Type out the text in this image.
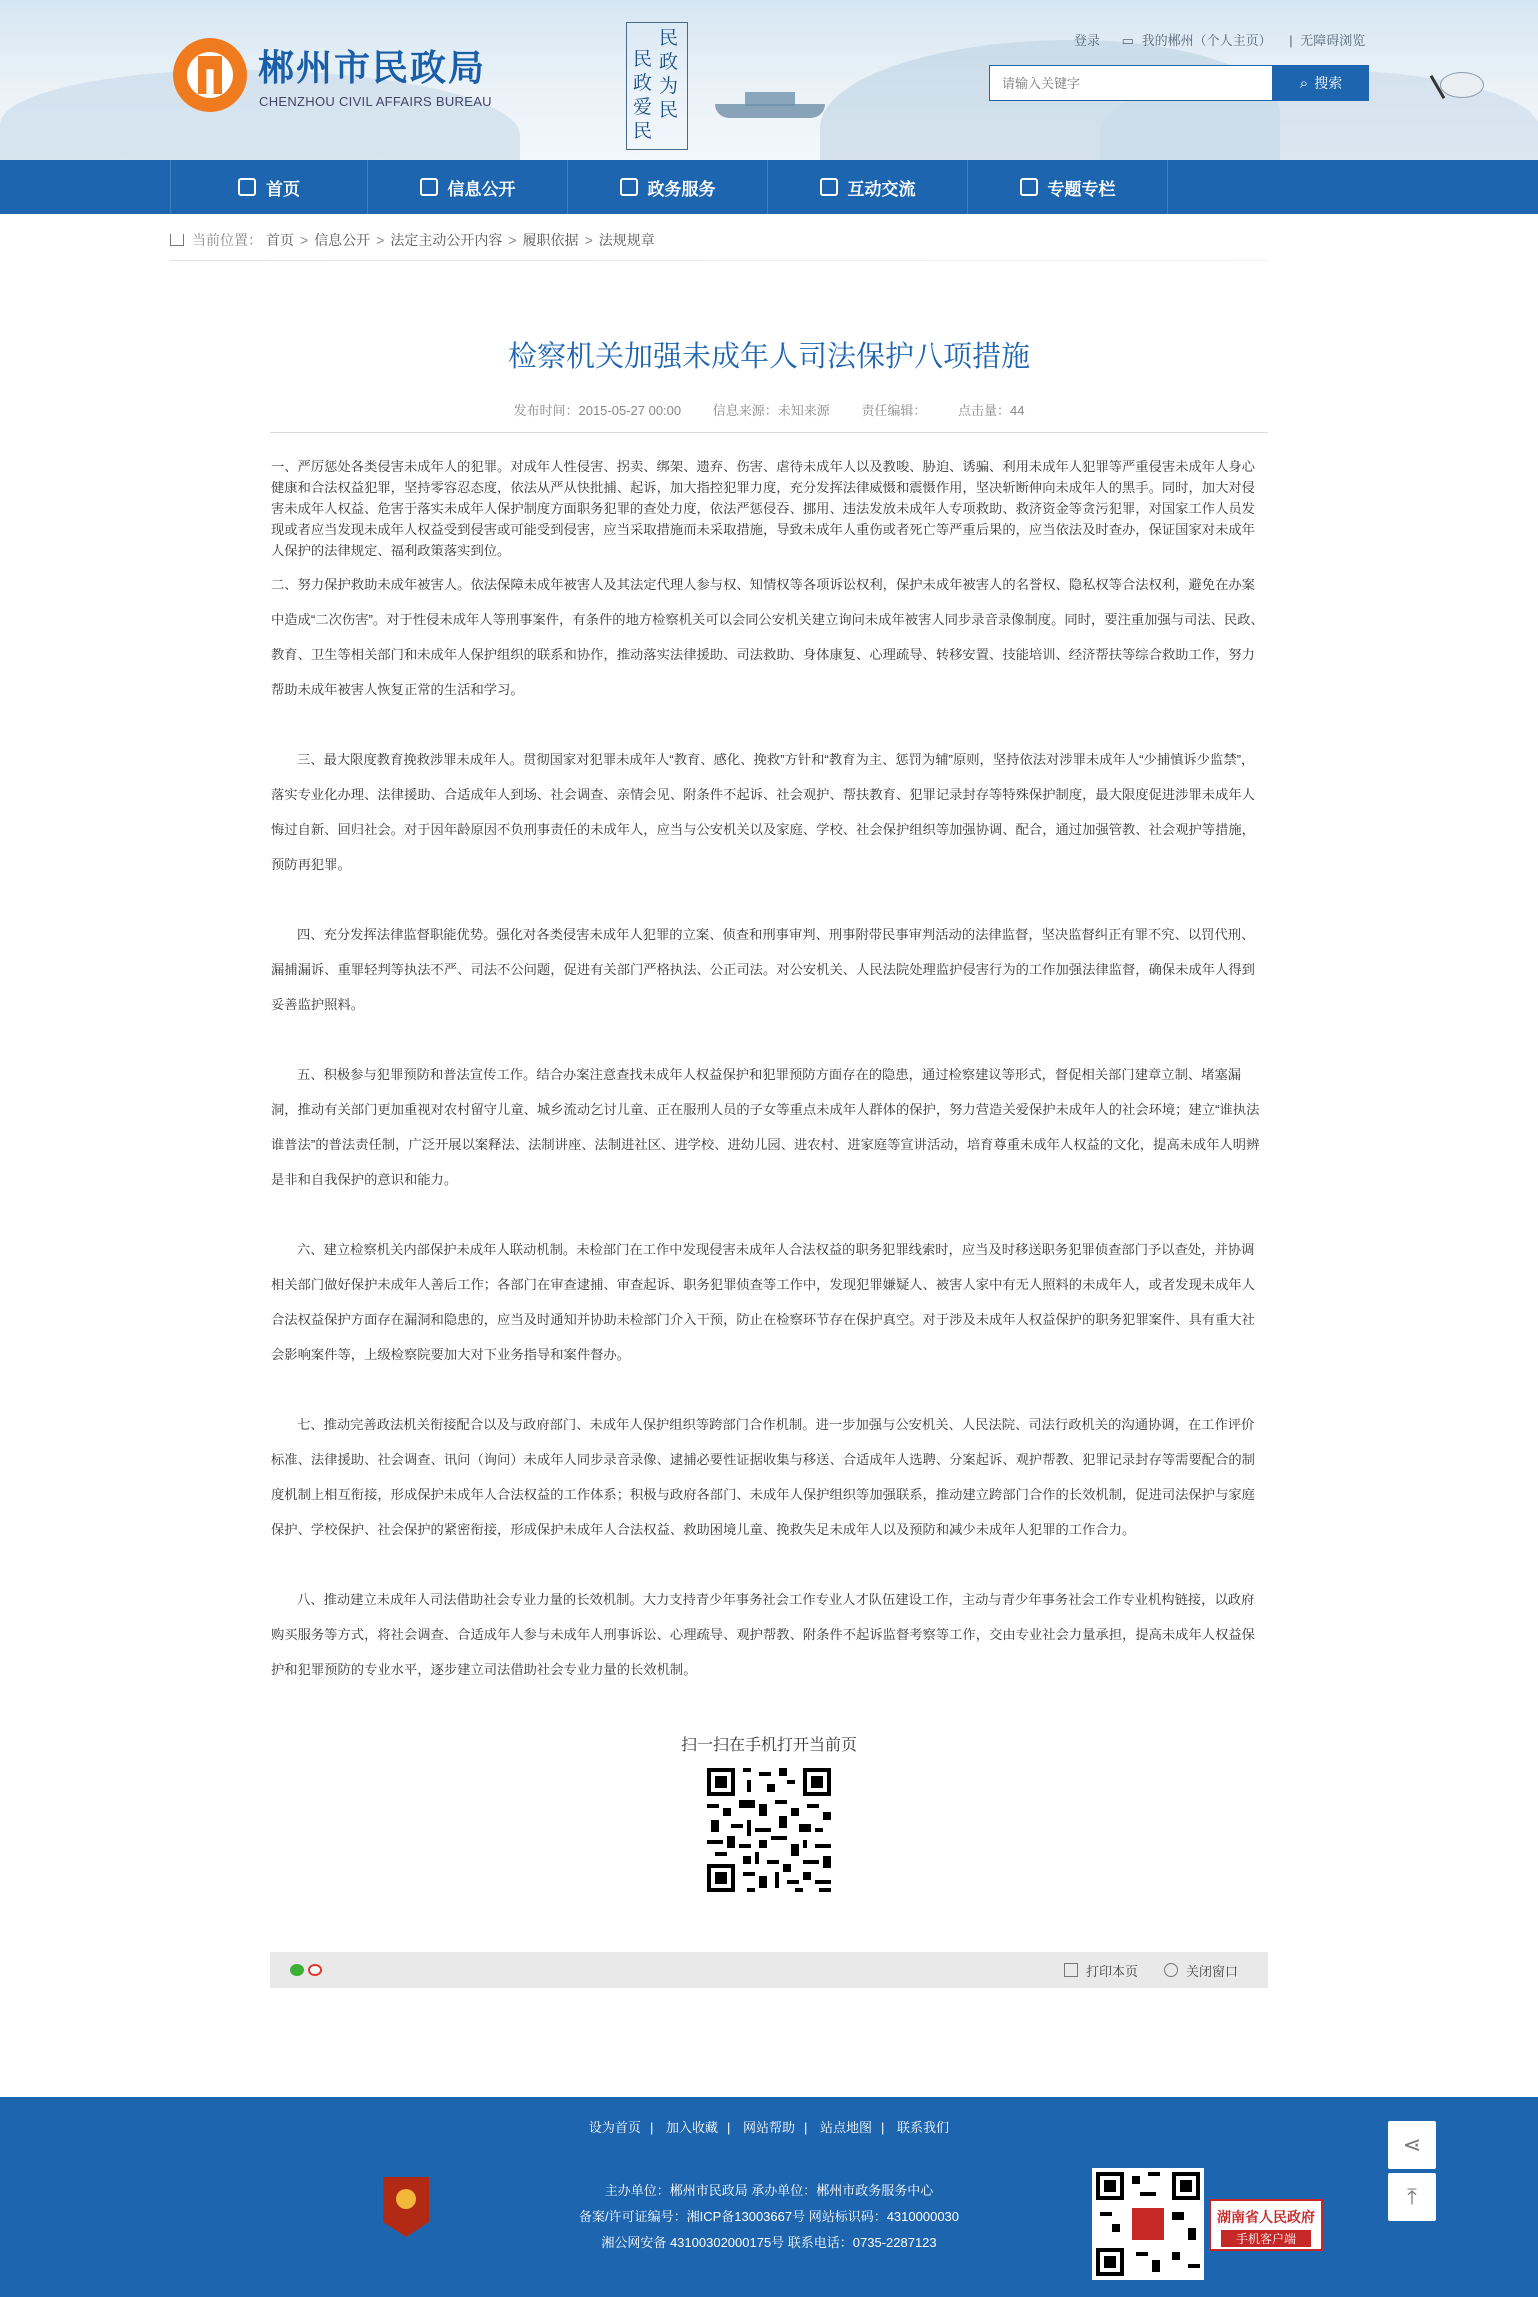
郴州市民政局
CHENZHOU CIVIL AFFAIRS BUREAU
民政为民
民政爱民
登录 ▭ 我的郴州（个人主页） | 无障碍浏览
请输入关键字
⌕ 搜索
首页	信息公开	政务服务	互动交流	专题专栏
当前位置： 首页 > 信息公开 > 法定主动公开内容 > 履职依据 > 法规规章
检察机关加强未成年人司法保护八项措施
发布时间：2015-05-27 00:00 信息来源：未知来源 责任编辑： 点击量：44

一、严厉惩处各类侵害未成年人的犯罪。对成年人性侵害、拐卖、绑架、遗弃、伤害、虐待未成年人以及教唆、胁迫、诱骗、利用未成年人犯罪等严重侵害未成年人身心健康和合法权益犯罪，坚持零容忍态度，依法从严从快批捕、起诉，加大指控犯罪力度，充分发挥法律威慑和震慑作用，坚决斩断伸向未成年人的黑手。同时，加大对侵害未成年人权益、危害于落实未成年人保护制度方面职务犯罪的查处力度，依法严惩侵吞、挪用、违法发放未成年人专项救助、救济资金等贪污犯罪，对国家工作人员发现或者应当发现未成年人权益受到侵害或可能受到侵害，应当采取措施而未采取措施，导致未成年人重伤或者死亡等严重后果的，应当依法及时查办，保证国家对未成年人保护的法律规定、福利政策落实到位。

二、努力保护救助未成年被害人。依法保障未成年被害人及其法定代理人参与权、知情权等各项诉讼权利，保护未成年被害人的名誉权、隐私权等合法权利，避免在办案中造成“二次伤害”。对于性侵未成年人等刑事案件，有条件的地方检察机关可以会同公安机关建立询问未成年被害人同步录音录像制度。同时，要注重加强与司法、民政、教育、卫生等相关部门和未成年人保护组织的联系和协作，推动落实法律援助、司法救助、身体康复、心理疏导、转移安置、技能培训、经济帮扶等综合救助工作，努力帮助未成年被害人恢复正常的生活和学习。

三、最大限度教育挽救涉罪未成年人。贯彻国家对犯罪未成年人“教育、感化、挽救”方针和“教育为主、惩罚为辅”原则，坚持依法对涉罪未成年人“少捕慎诉少监禁”，落实专业化办理、法律援助、合适成年人到场、社会调查、亲情会见、附条件不起诉、社会观护、帮扶教育、犯罪记录封存等特殊保护制度，最大限度促进涉罪未成年人悔过自新、回归社会。对于因年龄原因不负刑事责任的未成年人，应当与公安机关以及家庭、学校、社会保护组织等加强协调、配合，通过加强管教、社会观护等措施，预防再犯罪。

四、充分发挥法律监督职能优势。强化对各类侵害未成年人犯罪的立案、侦查和刑事审判、刑事附带民事审判活动的法律监督，坚决监督纠正有罪不究、以罚代刑、漏捕漏诉、重罪轻判等执法不严、司法不公问题，促进有关部门严格执法、公正司法。对公安机关、人民法院处理监护侵害行为的工作加强法律监督，确保未成年人得到妥善监护照料。

五、积极参与犯罪预防和普法宣传工作。结合办案注意查找未成年人权益保护和犯罪预防方面存在的隐患，通过检察建议等形式，督促相关部门建章立制、堵塞漏洞，推动有关部门更加重视对农村留守儿童、城乡流动乞讨儿童、正在服刑人员的子女等重点未成年人群体的保护，努力营造关爱保护未成年人的社会环境；建立“谁执法谁普法”的普法责任制，广泛开展以案释法、法制讲座、法制进社区、进学校、进幼儿园、进农村、进家庭等宣讲活动，培育尊重未成年人权益的文化，提高未成年人明辨是非和自我保护的意识和能力。

六、建立检察机关内部保护未成年人联动机制。未检部门在工作中发现侵害未成年人合法权益的职务犯罪线索时，应当及时移送职务犯罪侦查部门予以查处，并协调相关部门做好保护未成年人善后工作；各部门在审查逮捕、审查起诉、职务犯罪侦查等工作中，发现犯罪嫌疑人、被害人家中有无人照料的未成年人，或者发现未成年人合法权益保护方面存在漏洞和隐患的，应当及时通知并协助未检部门介入干预，防止在检察环节存在保护真空。对于涉及未成年人权益保护的职务犯罪案件、具有重大社会影响案件等，上级检察院要加大对下业务指导和案件督办。

七、推动完善政法机关衔接配合以及与政府部门、未成年人保护组织等跨部门合作机制。进一步加强与公安机关、人民法院、司法行政机关的沟通协调，在工作评价标准、法律援助、社会调查、讯问（询问）未成年人同步录音录像、逮捕必要性证据收集与移送、合适成年人选聘、分案起诉、观护帮教、犯罪记录封存等需要配合的制度机制上相互衔接，形成保护未成年人合法权益的工作体系；积极与政府各部门、未成年人保护组织等加强联系，推动建立跨部门合作的长效机制，促进司法保护与家庭保护、学校保护、社会保护的紧密衔接，形成保护未成年人合法权益、救助困境儿童、挽救失足未成年人以及预防和减少未成年人犯罪的工作合力。

八、推动建立未成年人司法借助社会专业力量的长效机制。大力支持青少年事务社会工作专业人才队伍建设工作，主动与青少年事务社会工作专业机构链接，以政府购买服务等方式，将社会调查、合适成年人参与未成年人刑事诉讼、心理疏导、观护帮教、附条件不起诉监督考察等工作，交由专业社会力量承担，提高未成年人权益保护和犯罪预防的专业水平，逐步建立司法借助社会专业力量的长效机制。

扫一扫在手机打开当前页
打印本页	关闭窗口
设为首页 | 加入收藏 | 网站帮助 | 站点地图 | 联系我们
主办单位：郴州市民政局 承办单位：郴州市政务服务中心
备案/许可证编号：湘ICP备13003667号 网站标识码：4310000030
湘公网安备 43100302000175号 联系电话：0735-2287123
湖南省人民政府
手机客户端
⋖
⤒
